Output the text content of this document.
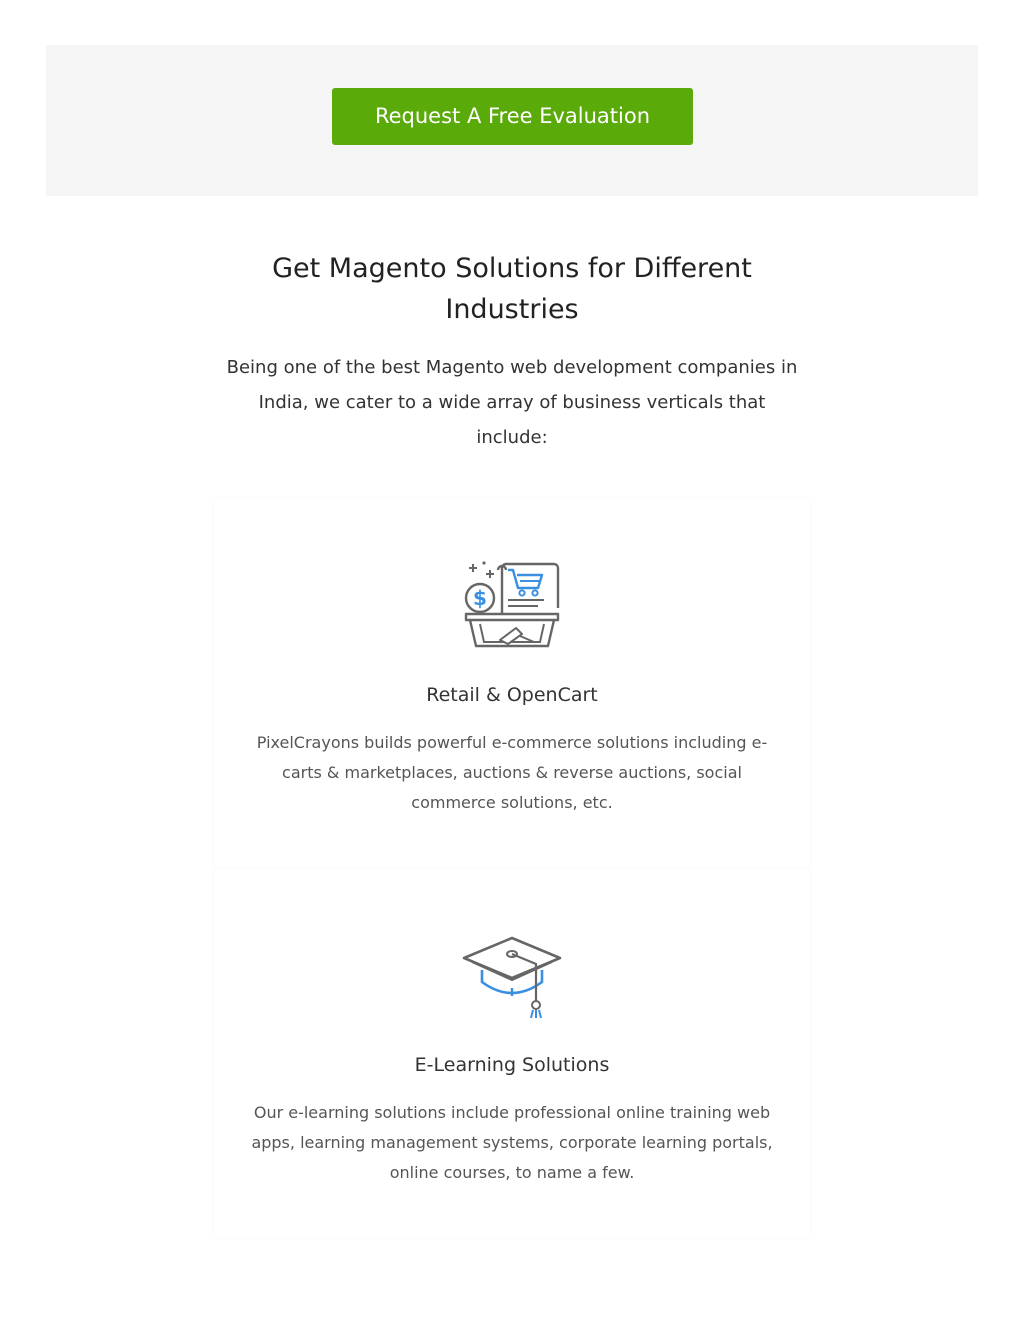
Request A Free Evaluation
Get Magento Solutions for Different Industries

Being one of the best Magento web development companies in India, we cater to a wide array of business verticals that include:

$
Retail & OpenCart

PixelCrayons builds powerful e-commerce solutions including e-carts & marketplaces, auctions & reverse auctions, social commerce solutions, etc.

E-Learning Solutions

Our e-learning solutions include professional online training web apps, learning management systems, corporate learning portals, online courses, to name a few.
